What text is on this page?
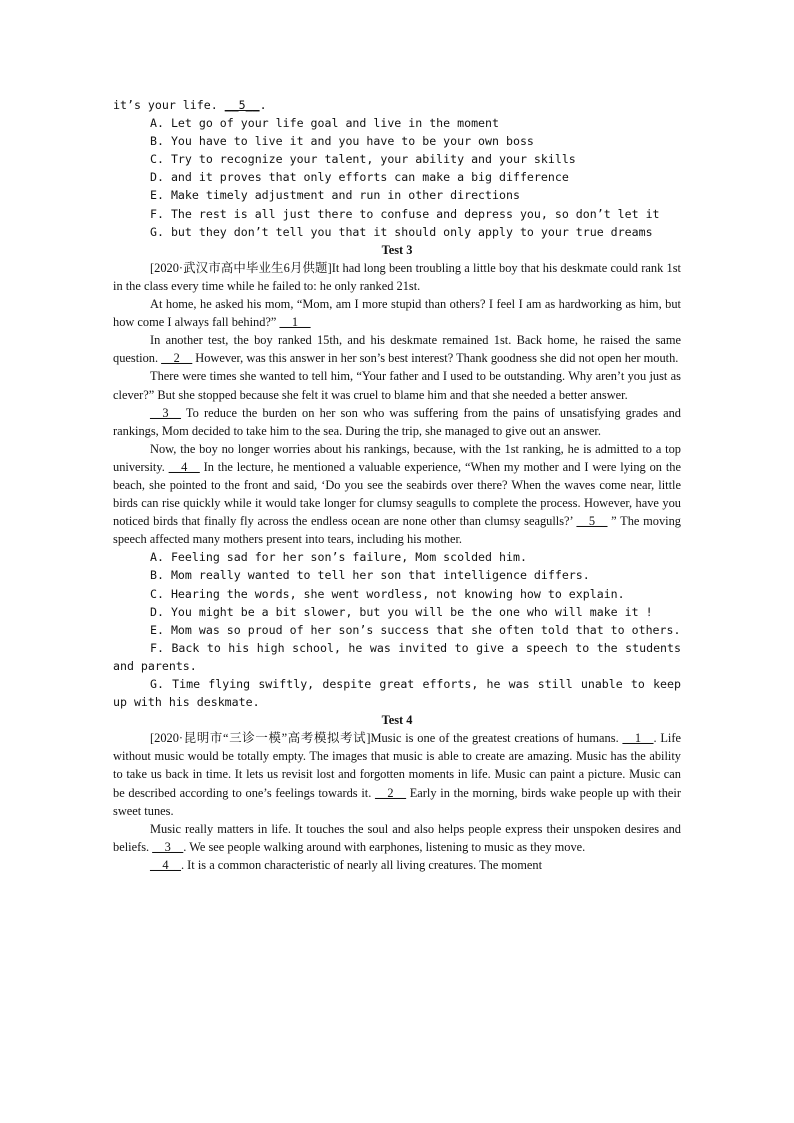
it’s your life. __5__.

A. Let go of your life goal and live in the moment

B. You have to live it and you have to be your own boss

C. Try to recognize your talent, your ability and your skills

D. and it proves that only efforts can make a big difference

E. Make timely adjustment and run in other directions

F. The rest is all just there to confuse and depress you, so don’t let it

G. but they don’t tell you that it should only apply to your true dreams

Test 3

[2020·武汉市高中毕业生6月供题]It had long been troubling a little boy that his deskmate could rank 1st in the class every time while he failed to: he only ranked 21st.

At home, he asked his mom, “Mom, am I more stupid than others? I feel I am as hardworking as him, but how come I always fall behind?” __1__

In another test, the boy ranked 15th, and his deskmate remained 1st. Back home, he raised the same question. __2__ However, was this answer in her son’s best interest? Thank goodness she did not open her mouth.

There were times she wanted to tell him, “Your father and I used to be outstanding. Why aren’t you just as clever?” But she stopped because she felt it was cruel to blame him and that she needed a better answer.

__3__ To reduce the burden on her son who was suffering from the pains of unsatisfying grades and rankings, Mom decided to take him to the sea. During the trip, she managed to give out an answer.

Now, the boy no longer worries about his rankings, because, with the 1st ranking, he is admitted to a top university. __4__ In the lecture, he mentioned a valuable experience, “When my mother and I were lying on the beach, she pointed to the front and said, ‘Do you see the seabirds over there? When the waves come near, little birds can rise quickly while it would take longer for clumsy seagulls to complete the process. However, have you noticed birds that finally fly across the endless ocean are none other than clumsy seagulls?’ __5__ ” The moving speech affected many mothers present into tears, including his mother.

A. Feeling sad for her son’s failure, Mom scolded him.

B. Mom really wanted to tell her son that intelligence differs.

C. Hearing the words, she went wordless, not knowing how to explain.

D. You might be a bit slower, but you will be the one who will make it !

E. Mom was so proud of her son’s success that she often told that to others.

F. Back to his high school, he was invited to give a speech to the students and parents.

G. Time flying swiftly, despite great efforts, he was still unable to keep up with his deskmate.

Test 4

[2020·昆明市“三诊一模”高考模拟考试]Music is one of the greatest creations of humans. __1__. Life without music would be totally empty. The images that music is able to create are amazing. Music has the ability to take us back in time. It lets us revisit lost and forgotten moments in life. Music can paint a picture. Music can be described according to one’s feelings towards it. __2__ Early in the morning, birds wake people up with their sweet tunes.

Music really matters in life. It touches the soul and also helps people express their unspoken desires and beliefs. __3__. We see people walking around with earphones, listening to music as they move.

__4__. It is a common characteristic of nearly all living creatures. The moment
